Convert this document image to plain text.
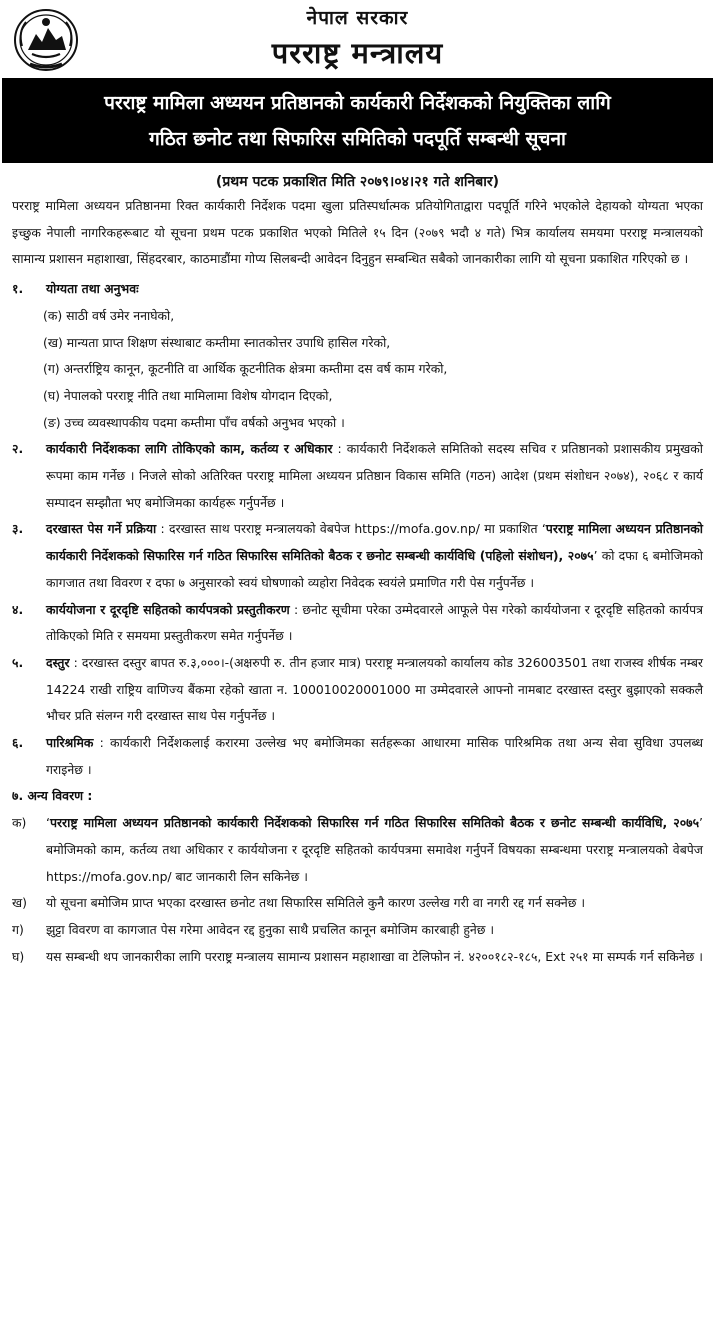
नेपाल सरकार
परराष्ट्र मन्त्रालय
परराष्ट्र मामिला अध्ययन प्रतिष्ठानको कार्यकारी निर्देशकको नियुक्तिका लागि
गठित छनोट तथा सिफारिस समितिको पदपूर्ति सम्बन्धी सूचना
(प्रथम पटक प्रकाशित मिति २०७९।०४।२१ गते शनिबार)

परराष्ट्र मामिला अध्ययन प्रतिष्ठानमा रिक्त कार्यकारी निर्देशक पदमा खुला प्रतिस्पर्धात्मक प्रतियोगिताद्वारा पदपूर्ति गरिने भएकोले देहायको योग्यता भएका इच्छुक नेपाली नागरिकहरूबाट यो सूचना प्रथम पटक प्रकाशित भएको मितिले १५ दिन (२०७९ भदौ ४ गते) भित्र कार्यालय समयमा परराष्ट्र मन्त्रालयको सामान्य प्रशासन महाशाखा, सिंहदरबार, काठमाडौंमा गोप्य सिलबन्दी आवेदन दिनुहुन सम्बन्धित सबैको जानकारीका लागि यो सूचना प्रकाशित गरिएको छ ।

१.	योग्यता तथा अनुभवः
(क) साठी वर्ष उमेर ननाघेको,
(ख) मान्यता प्राप्त शिक्षण संस्थाबाट कम्तीमा स्नातकोत्तर उपाधि हासिल गरेको,
(ग) अन्तर्राष्ट्रिय कानून, कूटनीति वा आर्थिक कूटनीतिक क्षेत्रमा कम्तीमा दस वर्ष काम गरेको,
(घ) नेपालको परराष्ट्र नीति तथा मामिलामा विशेष योगदान दिएको,
(ङ) उच्च व्यवस्थापकीय पदमा कम्तीमा पाँच वर्षको अनुभव भएको ।
२.	कार्यकारी निर्देशकका लागि तोकिएको काम, कर्तव्य र अधिकार : कार्यकारी निर्देशकले समितिको सदस्य सचिव र प्रतिष्ठानको प्रशासकीय प्रमुखको रूपमा काम गर्नेछ । निजले सोको अतिरिक्त परराष्ट्र मामिला अध्ययन प्रतिष्ठान विकास समिति (गठन) आदेश (प्रथम संशोधन २०७४), २०६८ र कार्य सम्पादन सम्झौता भए बमोजिमका कार्यहरू गर्नुपर्नेछ ।
३.	दरखास्त पेस गर्ने प्रक्रिया : दरखास्त साथ परराष्ट्र मन्त्रालयको वेबपेज https://mofa.gov.np/ मा प्रकाशित ‘परराष्ट्र मामिला अध्ययन प्रतिष्ठानको कार्यकारी निर्देशकको सिफारिस गर्न गठित सिफारिस समितिको बैठक र छनोट सम्बन्धी कार्यविधि (पहिलो संशोधन), २०७५’ को दफा ६ बमोजिमको कागजात तथा विवरण र दफा ७ अनुसारको स्वयं घोषणाको व्यहोरा निवेदक स्वयंले प्रमाणित गरी पेस गर्नुपर्नेछ ।
४.	कार्ययोजना र दूरदृष्टि सहितको कार्यपत्रको प्रस्तुतीकरण : छनोट सूचीमा परेका उम्मेदवारले आफूले पेस गरेको कार्ययोजना र दूरदृष्टि सहितको कार्यपत्र तोकिएको मिति र समयमा प्रस्तुतीकरण समेत गर्नुपर्नेछ ।
५.	दस्तुर : दरखास्त दस्तुर बापत रु.३,०००।-(अक्षरुपी रु. तीन हजार मात्र) परराष्ट्र मन्त्रालयको कार्यालय कोड 326003501 तथा राजस्व शीर्षक नम्बर 14224 राखी राष्ट्रिय वाणिज्य बैंकमा रहेको खाता न. 100010020001000 मा उम्मेदवारले आफ्नो नामबाट दरखास्त दस्तुर बुझाएको सक्कलै भौचर प्रति संलग्न गरी दरखास्त साथ पेस गर्नुपर्नेछ ।
६.	पारिश्रमिक : कार्यकारी निर्देशकलाई करारमा उल्लेख भए बमोजिमका सर्तहरूका आधारमा मासिक पारिश्रमिक तथा अन्य सेवा सुविधा उपलब्ध गराइनेछ ।
७. अन्य विवरण :
क)	‘परराष्ट्र मामिला अध्ययन प्रतिष्ठानको कार्यकारी निर्देशकको सिफारिस गर्न गठित सिफारिस समितिको बैठक र छनोट सम्बन्धी कार्यविधि, २०७५’ बमोजिमको काम, कर्तव्य तथा अधिकार र कार्ययोजना र दूरदृष्टि सहितको कार्यपत्रमा समावेश गर्नुपर्ने विषयका सम्बन्धमा परराष्ट्र मन्त्रालयको वेबपेज https://mofa.gov.np/ बाट जानकारी लिन सकिनेछ ।
ख)	यो सूचना बमोजिम प्राप्त भएका दरखास्त छनोट तथा सिफारिस समितिले कुनै कारण उल्लेख गरी वा नगरी रद्द गर्न सक्नेछ ।
ग)	झुट्टा विवरण वा कागजात पेस गरेमा आवेदन रद्द हुनुका साथै प्रचलित कानून बमोजिम कारबाही हुनेछ ।
घ)	यस सम्बन्धी थप जानकारीका लागि परराष्ट्र मन्त्रालय सामान्य प्रशासन महाशाखा वा टेलिफोन नं. ४२००१८२-१८५, Ext २५१ मा सम्पर्क गर्न सकिनेछ ।
